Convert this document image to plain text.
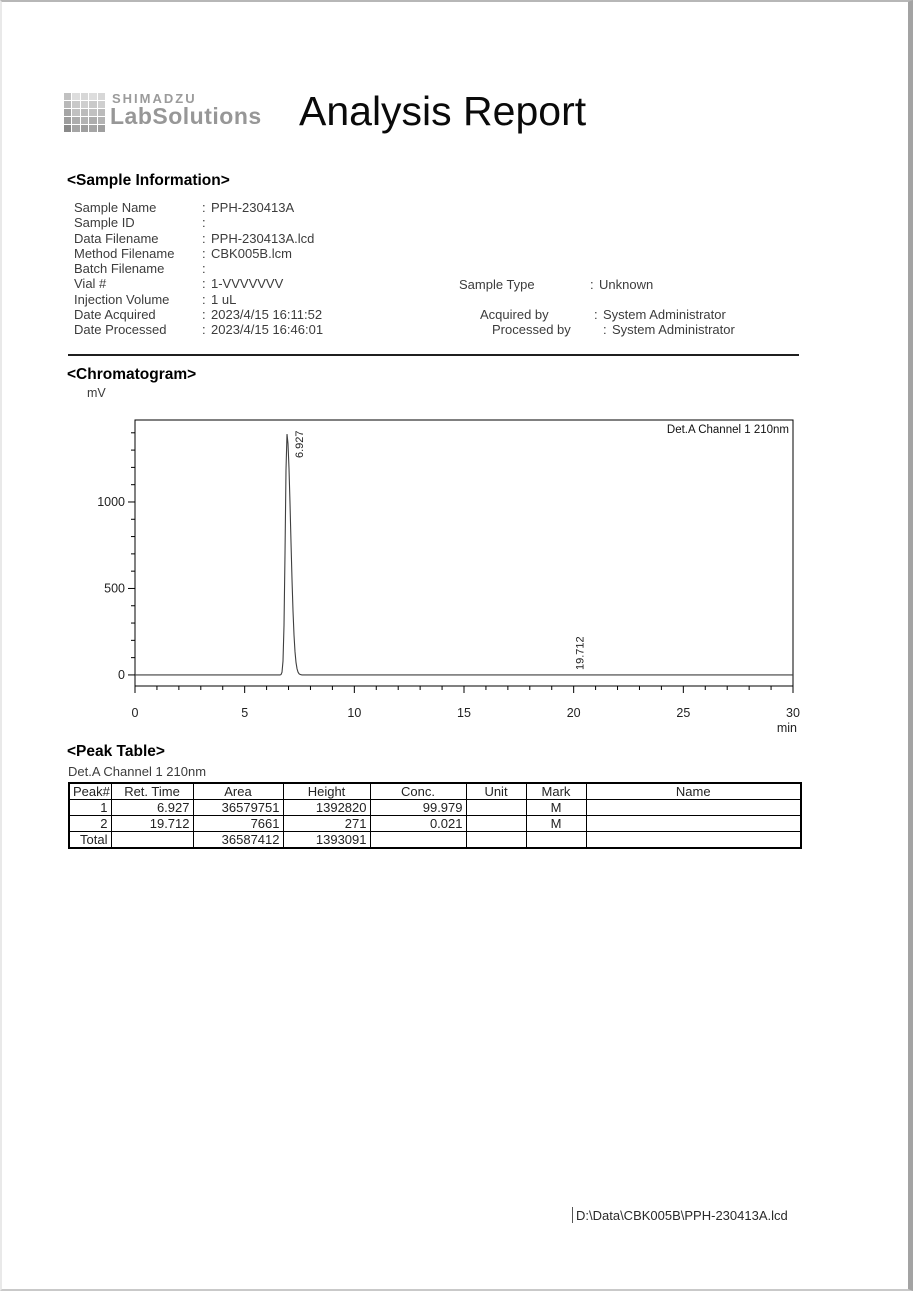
SHIMADZU
LabSolutions Analysis Report
<Sample Information>
Sample Name	: PPH-230413A
Sample ID	:
Data Filename	: PPH-230413A.lcd
Method Filename	: CBK005B.lcm
Batch Filename	:
Vial #	: 1-VVVVVVV
Injection Volume	: 1 uL
Date Acquired	: 2023/4/15 16:11:52
Date Processed	: 2023/4/15 16:46:01
Sample Type	: Unknown
Acquired by	: System Administrator
Processed by	: System Administrator
<Chromatogram>
mV
0	5	10	15	20	25	30
0
500
1000
min
Det.A Channel 1 210nm
6.927
19.712
<Peak Table>
Det.A Channel 1 210nm
Peak#	Ret. Time	Area	Height	Conc.	Unit	Mark	Name
1	6.927	36579751	1392820	99.979		M	
2	19.712	7661	271	0.021		M	
Total		36587412	1393091				
D:\Data\CBK005B\PPH-230413A.lcd
